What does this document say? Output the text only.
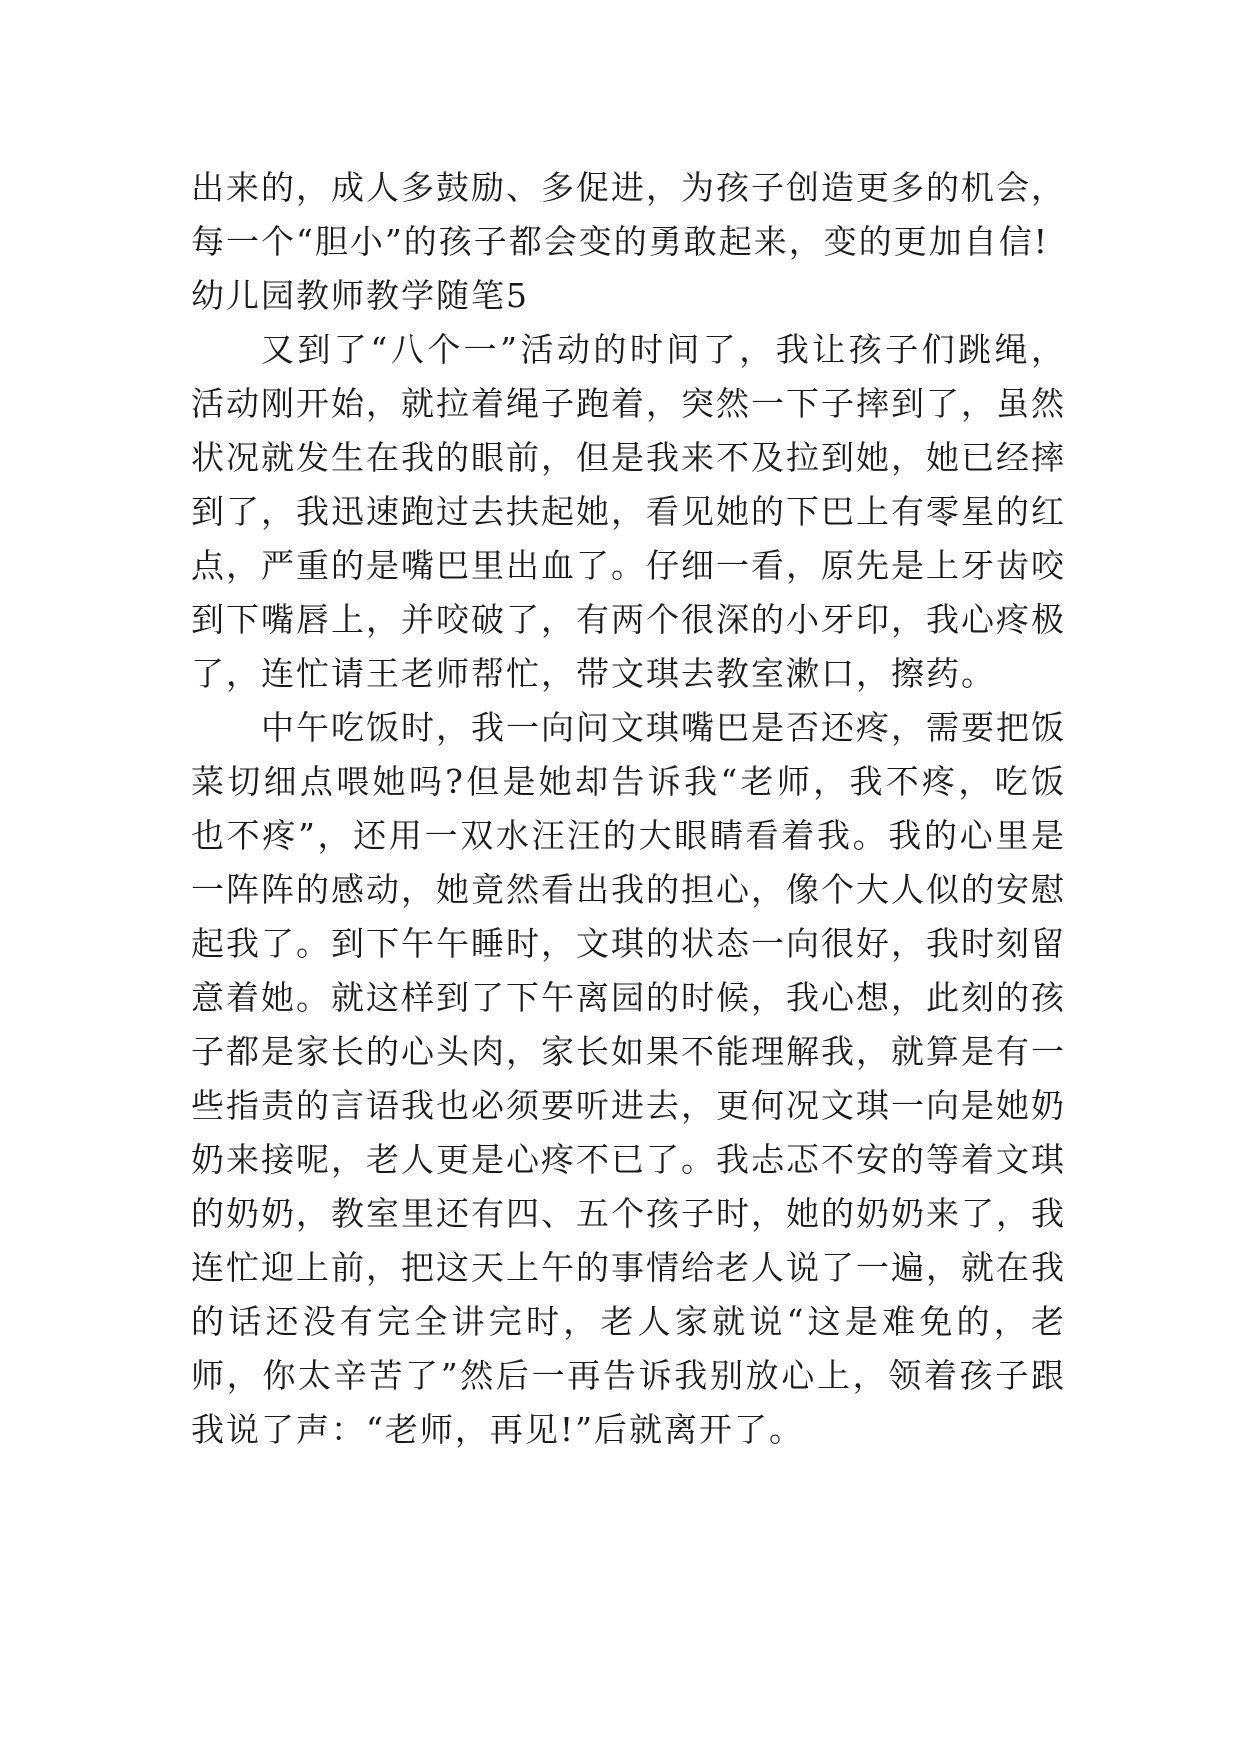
出来的，成人多鼓励、多促进，为孩子创造更多的机会，每一个“胆小”的孩子都会变的勇敢起来，变的更加自信!

幼儿园教师教学随笔5

又到了“八个一”活动的时间了，我让孩子们跳绳，活动刚开始，就拉着绳子跑着，突然一下子摔到了，虽然状况就发生在我的眼前，但是我来不及拉到她，她已经摔到了，我迅速跑过去扶起她，看见她的下巴上有零星的红点，严重的是嘴巴里出血了。仔细一看，原先是上牙齿咬到下嘴唇上，并咬破了，有两个很深的小牙印，我心疼极了，连忙请王老师帮忙，带文琪去教室漱口，擦药。

中午吃饭时，我一向问文琪嘴巴是否还疼，需要把饭菜切细点喂她吗?但是她却告诉我“老师，我不疼，吃饭也不疼”，还用一双水汪汪的大眼睛看着我。我的心里是一阵阵的感动，她竟然看出我的担心，像个大人似的安慰起我了。到下午午睡时，文琪的状态一向很好，我时刻留意着她。就这样到了下午离园的时候，我心想，此刻的孩子都是家长的心头肉，家长如果不能理解我，就算是有一些指责的言语我也必须要听进去，更何况文琪一向是她奶奶来接呢，老人更是心疼不已了。我忐忑不安的等着文琪的奶奶，教室里还有四、五个孩子时，她的奶奶来了，我连忙迎上前，把这天上午的事情给老人说了一遍，就在我的话还没有完全讲完时，老人家就说“这是难免的，老师，你太辛苦了”然后一再告诉我别放心上，领着孩子跟我说了声：“老师，再见!”后就离开了。
